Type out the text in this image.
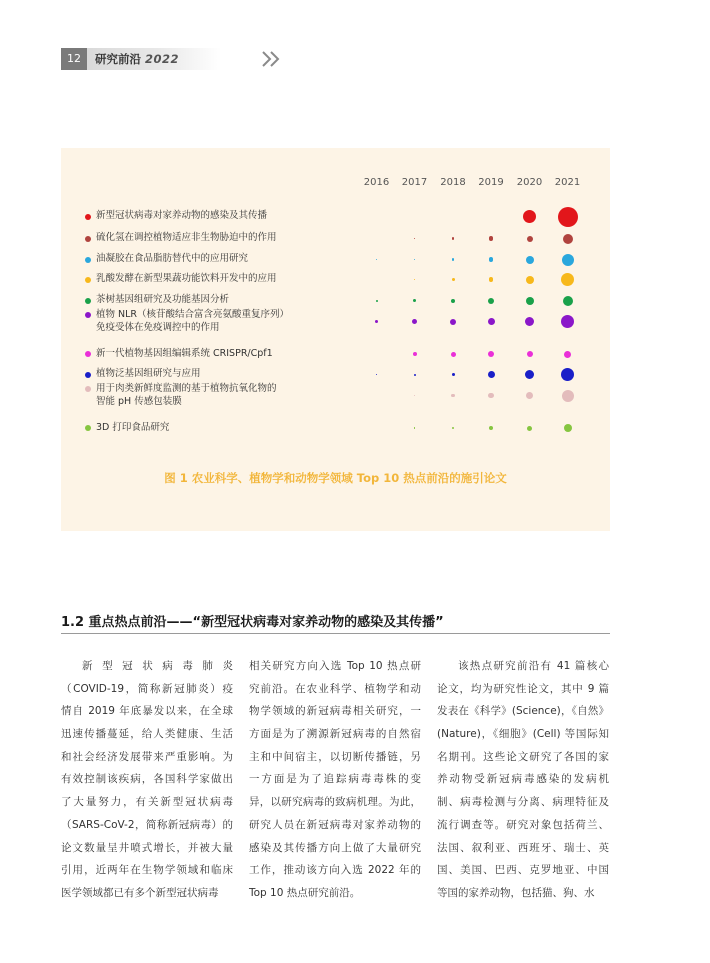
12	研究前沿 2022
2016	2017	2018	2019	2020	2021
新型冠状病毒对家养动物的感染及其传播
硫化氢在调控植物适应非生物胁迫中的作用
油凝胶在食品脂肪替代中的应用研究
乳酸发酵在新型果蔬功能饮料开发中的应用
茶树基因组研究及功能基因分析
植物 NLR（核苷酸结合富含亮氨酸重复序列）
免疫受体在免疫调控中的作用
新一代植物基因组编辑系统 CRISPR/Cpf1
植物泛基因组研究与应用
用于肉类新鲜度监测的基于植物抗氧化物的
智能 pH 传感包装膜
3D 打印食品研究
图 1 农业科学、植物学和动物学领域 Top 10 热点前沿的施引论文
1.2 重点热点前沿——“新型冠状病毒对家养动物的感染及其传播”
新 型 冠 状 病 毒 肺 炎
（COVID-19，简称新冠肺炎）疫
情自 2019 年底暴发以来，在全球
迅速传播蔓延，给人类健康、生活
和社会经济发展带来严重影响。为
有效控制该疾病，各国科学家做出
了大量努力，有关新型冠状病毒
（SARS-CoV-2，简称新冠病毒）的
论文数量呈井喷式增长，并被大量
引用，近两年在生物学领域和临床
医学领域都已有多个新型冠状病毒
相关研究方向入选 Top 10 热点研
究前沿。在农业科学、植物学和动
物学领域的新冠病毒相关研究，一
方面是为了溯源新冠病毒的自然宿
主和中间宿主，以切断传播链，另
一方面是为了追踪病毒毒株的变
异，以研究病毒的致病机理。为此，
研究人员在新冠病毒对家养动物的
感染及其传播方向上做了大量研究
工作，推动该方向入选 2022 年的
Top 10 热点研究前沿。
该热点研究前沿有 41 篇核心
论文，均为研究性论文，其中 9 篇
发表在《科学》(Science)，《自然》
(Nature)，《细胞》(Cell) 等国际知
名期刊。这些论文研究了各国的家
养动物受新冠病毒感染的发病机
制、病毒检测与分离、病理特征及
流行调查等。研究对象包括荷兰、
法国、叙利亚、西班牙、瑞士、英
国、美国、巴西、克罗地亚、中国
等国的家养动物，包括猫、狗、水
